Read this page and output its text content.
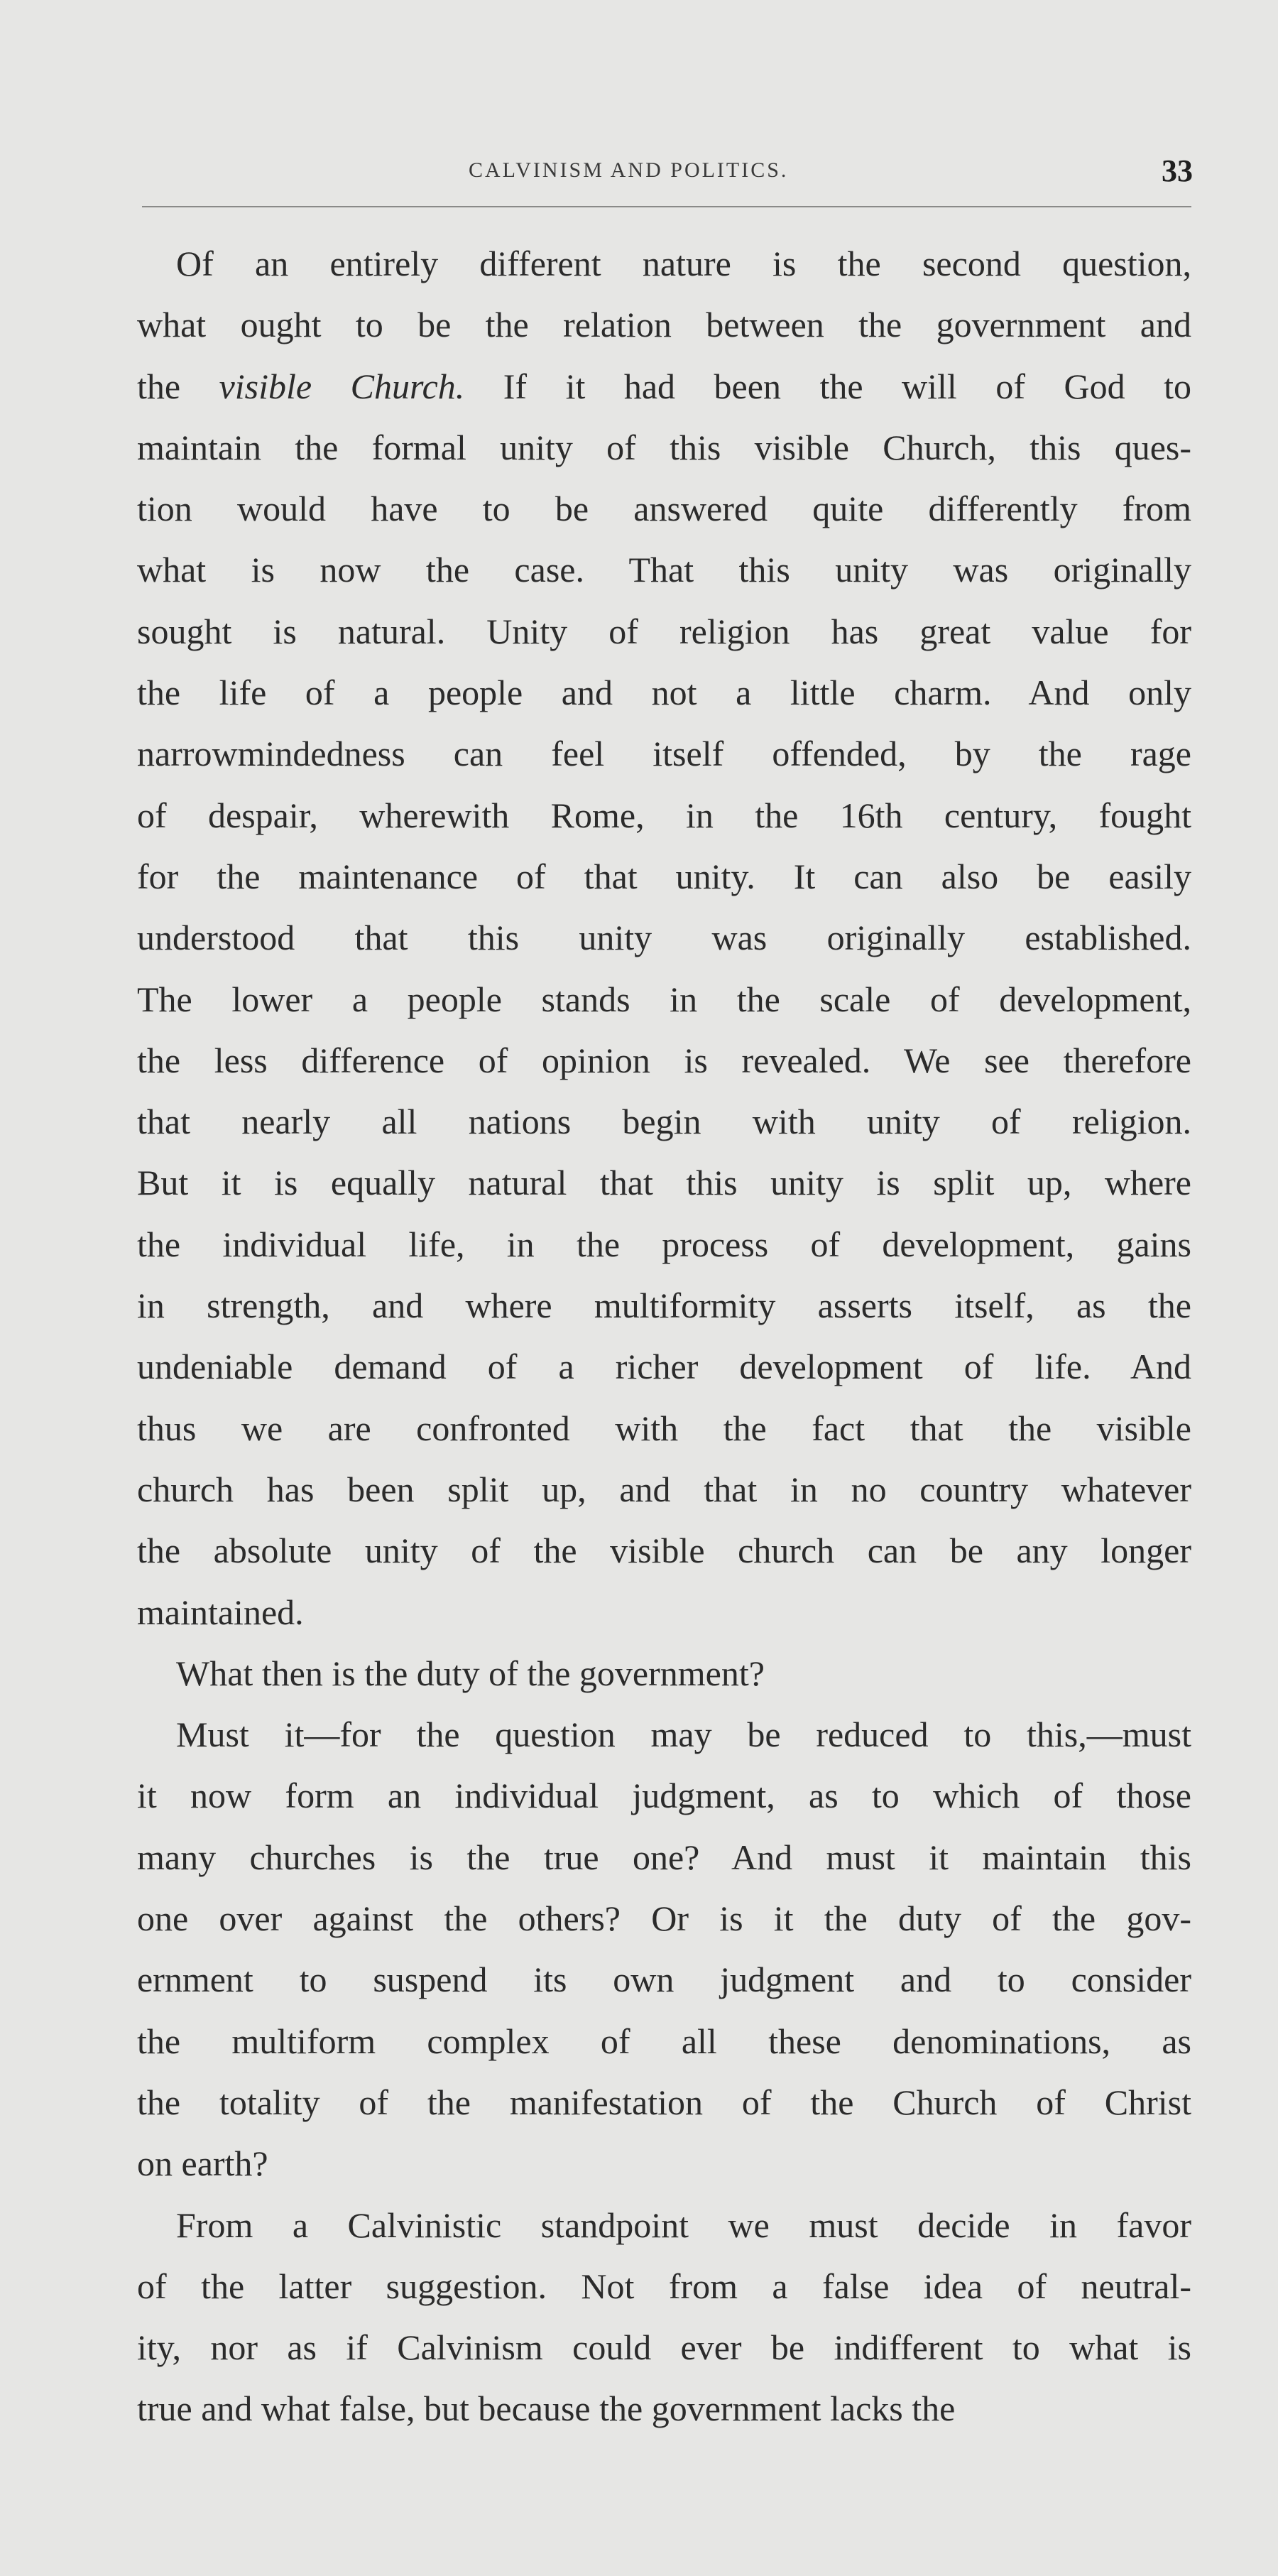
CALVINISM AND POLITICS.	33
Of an entirely different nature is the second question,
what ought to be the relation between the government and
the visible Church. If it had been the will of God to
maintain the formal unity of this visible Church, this ques-
tion would have to be answered quite differently from
what is now the case. That this unity was originally
sought is natural. Unity of religion has great value for
the life of a people and not a little charm. And only
narrowmindedness can feel itself offended, by the rage
of despair, wherewith Rome, in the 16th century, fought
for the maintenance of that unity. It can also be easily
understood that this unity was originally established.
The lower a people stands in the scale of development,
the less difference of opinion is revealed. We see therefore
that nearly all nations begin with unity of religion.
But it is equally natural that this unity is split up, where
the individual life, in the process of development, gains
in strength, and where multiformity asserts itself, as the
undeniable demand of a richer development of life. And
thus we are confronted with the fact that the visible
church has been split up, and that in no country whatever
the absolute unity of the visible church can be any longer
maintained.
What then is the duty of the government?
Must it—for the question may be reduced to this,—must
it now form an individual judgment, as to which of those
many churches is the true one? And must it maintain this
one over against the others? Or is it the duty of the gov-
ernment to suspend its own judgment and to consider
the multiform complex of all these denominations, as
the totality of the manifestation of the Church of Christ
on earth?
From a Calvinistic standpoint we must decide in favor
of the latter suggestion. Not from a false idea of neutral-
ity, nor as if Calvinism could ever be indifferent to what is
true and what false, but because the government lacks the
